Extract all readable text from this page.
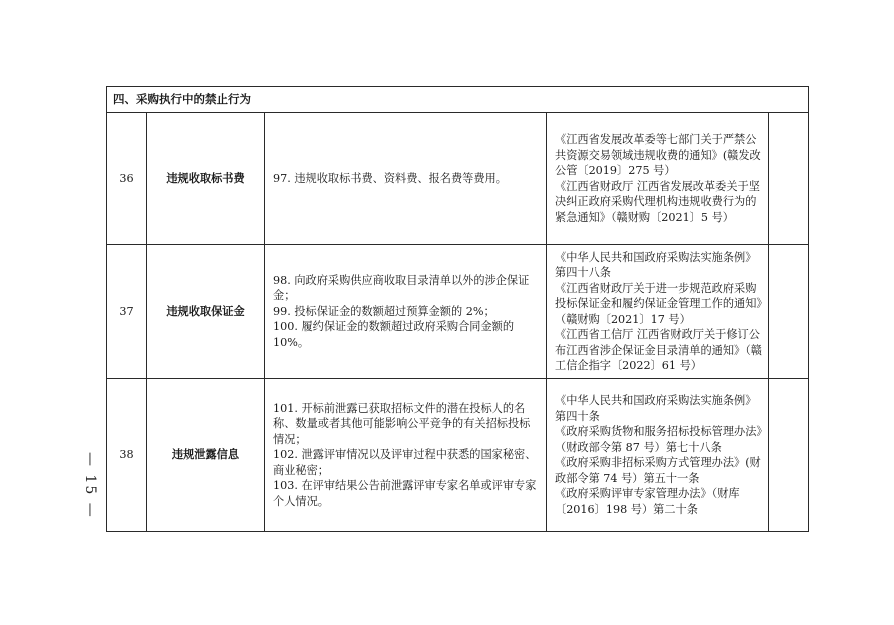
— 15 —
四、采购执行中的禁止行为				
36	违规收取标书费	97. 违规收取标书费、资料费、报名费等费用。	《江西省发展改革委等七部门关于严禁公共资源交易领域违规收费的通知》(赣发改公管〔2019〕275 号）
《江西省财政厅 江西省发展改革委关于坚决纠正政府采购代理机构违规收费行为的紧急通知》（赣财购〔2021〕5 号）	

37	违规收取保证金	98. 向政府采购供应商收取目录清单以外的涉企保证金；
99. 投标保证金的数额超过预算金额的 2%；
100. 履约保证金的数额超过政府采购合同金额的 10%。	《中华人民共和国政府采购法实施条例》第四十八条
《江西省财政厅关于进一步规范政府采购投标保证金和履约保证金管理工作的通知》（赣财购〔2021〕17 号）
《江西省工信厅 江西省财政厅关于修订公布江西省涉企保证金目录清单的通知》（赣工信企指字〔2022〕61 号）	

38	违规泄露信息	101. 开标前泄露已获取招标文件的潜在投标人的名称、数量或者其他可能影响公平竞争的有关招标投标情况；
102. 泄露评审情况以及评审过程中获悉的国家秘密、商业秘密；
103. 在评审结果公告前泄露评审专家名单或评审专家个人情况。	《中华人民共和国政府采购法实施条例》第四十条
《政府采购货物和服务招标投标管理办法》（财政部令第 87 号）第七十八条
《政府采购非招标采购方式管理办法》(财政部令第 74 号）第五十一条
《政府采购评审专家管理办法》（财库〔2016〕198 号）第二十条	
